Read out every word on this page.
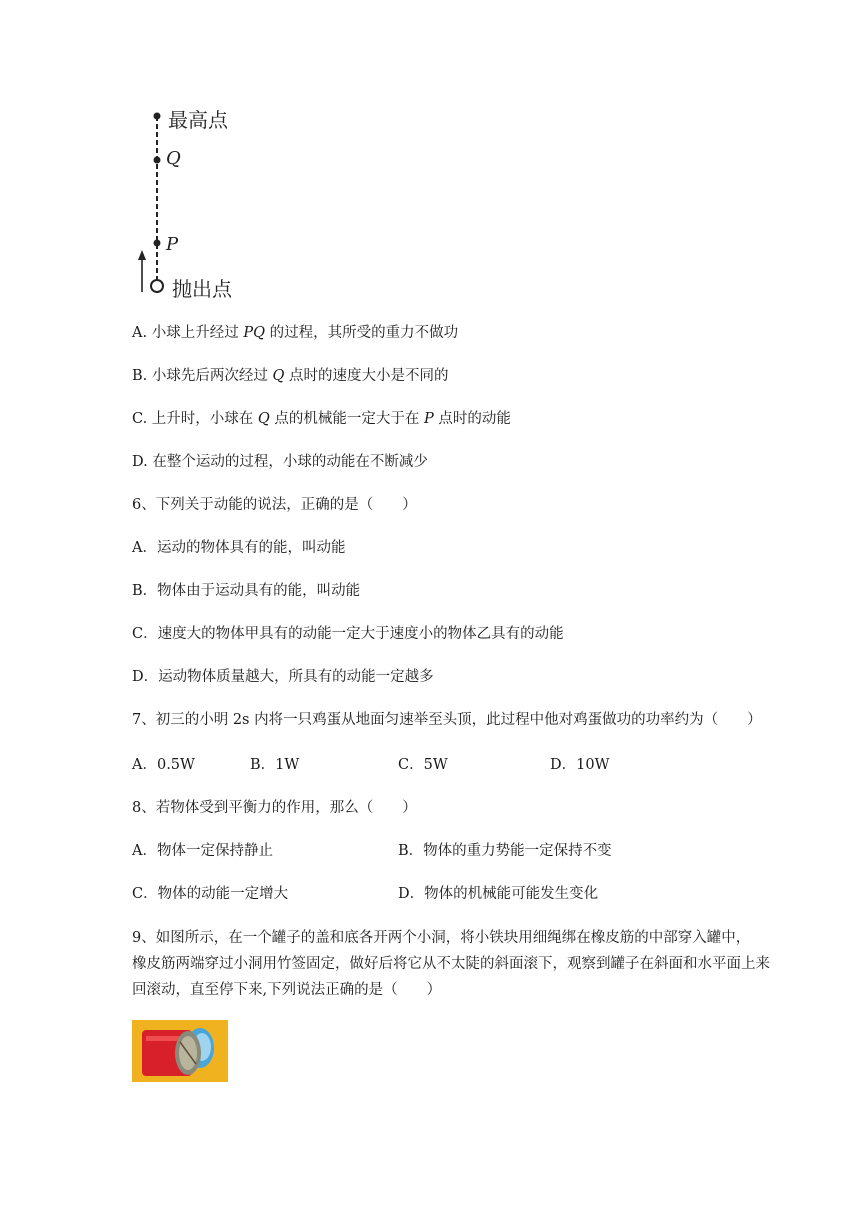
最高点
Q
P
抛出点
A. 小球上升经过 PQ 的过程，其所受的重力不做功
B. 小球先后两次经过 Q 点时的速度大小是不同的
C. 上升时，小球在 Q 点的机械能一定大于在 P 点时的动能
D. 在整个运动的过程，小球的动能在不断减少
6、下列关于动能的说法，正确的是（　　）
A．运动的物体具有的能，叫动能
B．物体由于运动具有的能，叫动能
C．速度大的物体甲具有的动能一定大于速度小的物体乙具有的动能
D．运动物体质量越大，所具有的动能一定越多
7、初三的小明 2s 内将一只鸡蛋从地面匀速举至头顶，此过程中他对鸡蛋做功的功率约为（　　）
A．0.5W	B．1W	C．5W	D．10W
8、若物体受到平衡力的作用，那么（　　）
A．物体一定保持静止	B．物体的重力势能一定保持不变
C．物体的动能一定增大	D．物体的机械能可能发生变化
9、如图所示，在一个罐子的盖和底各开两个小洞，将小铁块用细绳绑在橡皮筋的中部穿入罐中，
橡皮筋两端穿过小洞用竹签固定，做好后将它从不太陡的斜面滚下，观察到罐子在斜面和水平面上来
回滚动，直至停下来,下列说法正确的是（　　）
